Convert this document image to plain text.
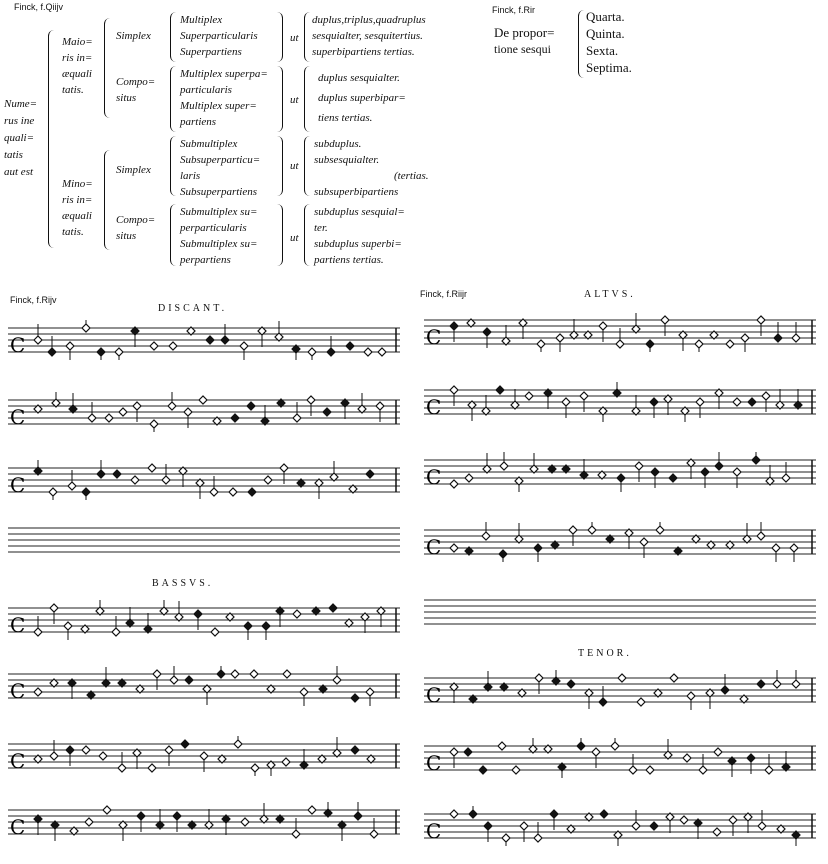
Finck, f.Qiijv	Finck, f.Rir
Finck, f.Rijv
Finck, f.Riijr
Nume=
rus ine
quali=
tatis
aut est
Maio=
ris in=
æquali
tatis.
Mino=
ris in=
æquali
tatis.
Simplex
Compo=
situs
Simplex
Compo=
situs
Multiplex
Superparticularis
Superpartiens
Multiplex superpa=
particularis
Multiplex super=
partiens
Submultiplex
Subsuperparticu=
laris
Subsuperpartiens
Submultiplex su=
perparticularis
Submultiplex su=
perpartiens
ut
ut
ut
ut
duplus,triplus,quadruplus
sesquialter, sesquitertius.
superbipartiens tertias.
duplus sesquialter.
duplus superbipar=
tiens tertias.
subduplus.
subsesquialter.
(tertias.
subsuperbipartiens
subduplus sesquial=
ter.
subduplus superbi=
partiens tertias.
De propor=
tione sesqui
Quarta.
Quinta.
Sexta.
Septima.
DISCANT.
ALTVS.
BASSVS.
TENOR.
C
C
C
C
C
C
C
C
C
C
C
C
C
C
